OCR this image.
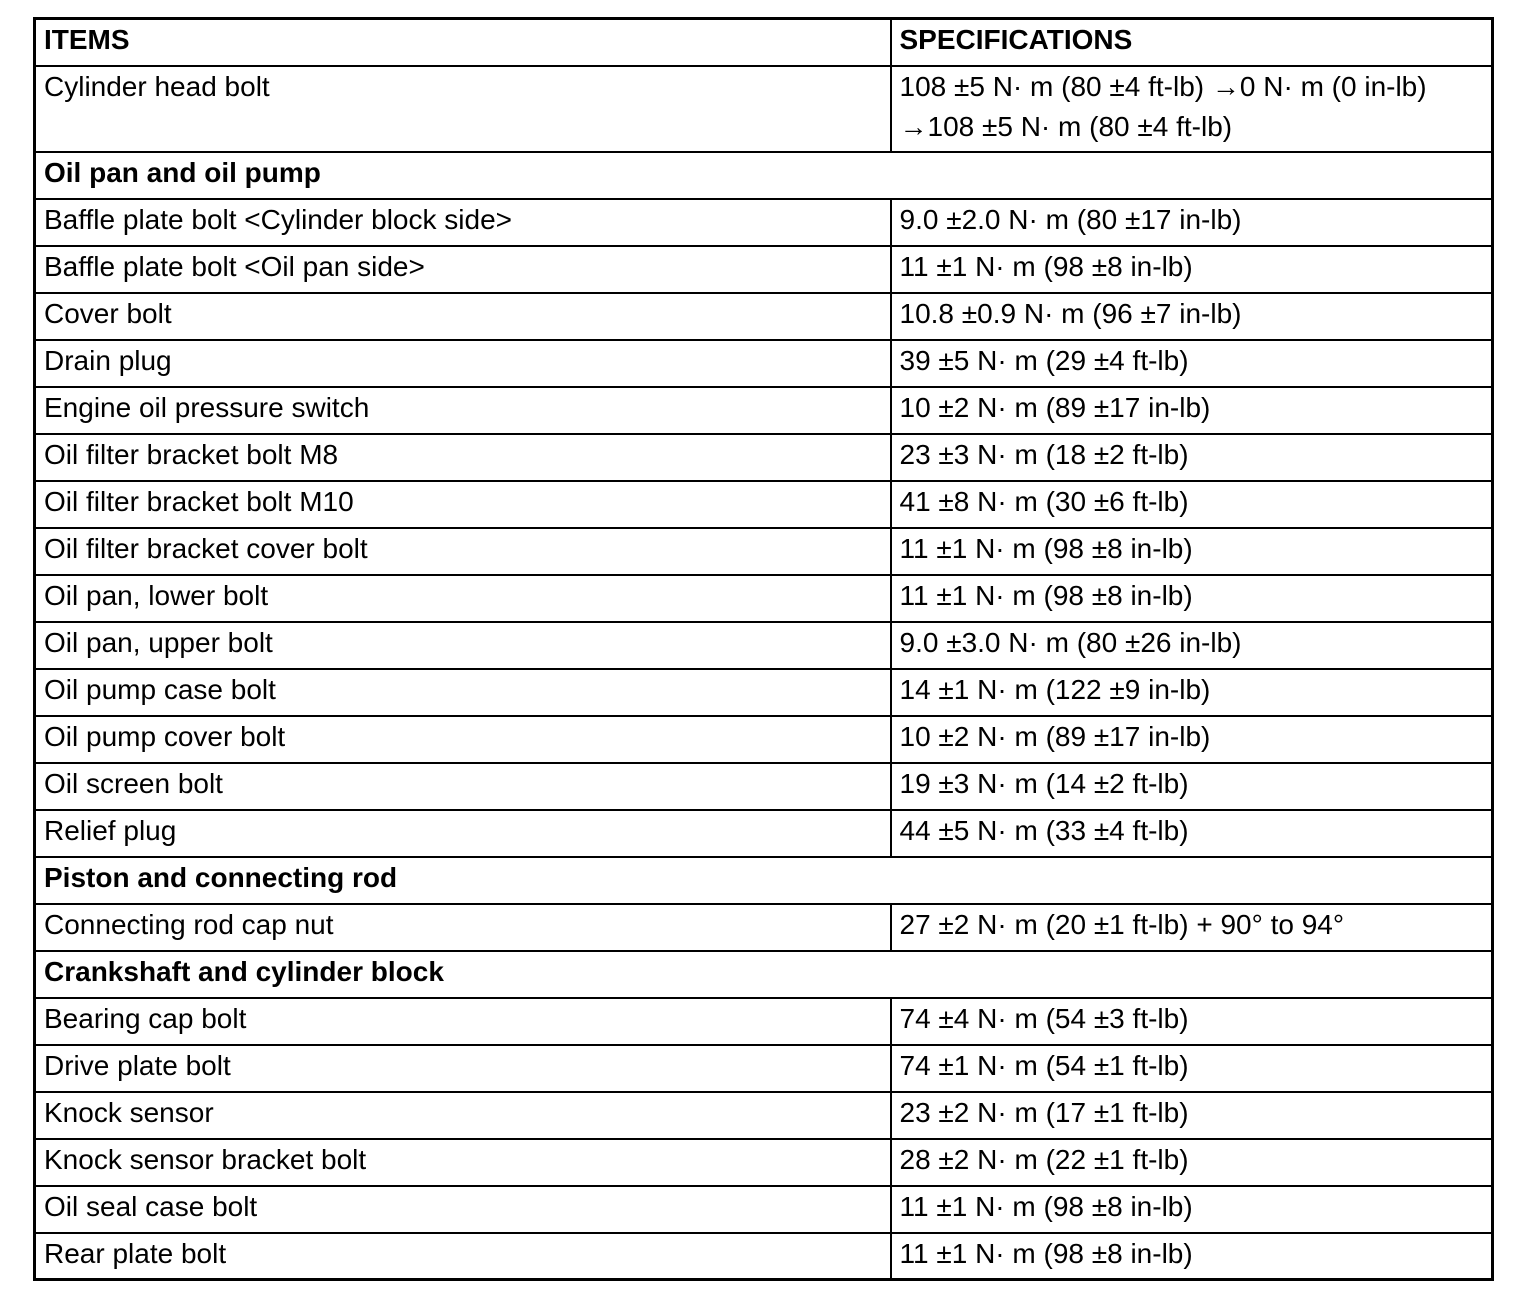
ITEMS	SPECIFICATIONS
Cylinder head bolt	108 ±5 N· m (80 ±4 ft-lb) →0 N· m (0 in-lb)
→108 ±5 N· m (80 ±4 ft-lb)

Oil pan and oil pump	
Baffle plate bolt <Cylinder block side>	9.0 ±2.0 N· m (80 ±17 in-lb)
Baffle plate bolt <Oil pan side>	11 ±1 N· m (98 ±8 in-lb)
Cover bolt	10.8 ±0.9 N· m (96 ±7 in-lb)
Drain plug	39 ±5 N· m (29 ±4 ft-lb)
Engine oil pressure switch	10 ±2 N· m (89 ±17 in-lb)
Oil filter bracket bolt M8	23 ±3 N· m (18 ±2 ft-lb)
Oil filter bracket bolt M10	41 ±8 N· m (30 ±6 ft-lb)
Oil filter bracket cover bolt	11 ±1 N· m (98 ±8 in-lb)
Oil pan, lower bolt	11 ±1 N· m (98 ±8 in-lb)
Oil pan, upper bolt	9.0 ±3.0 N· m (80 ±26 in-lb)
Oil pump case bolt	14 ±1 N· m (122 ±9 in-lb)
Oil pump cover bolt	10 ±2 N· m (89 ±17 in-lb)
Oil screen bolt	19 ±3 N· m (14 ±2 ft-lb)
Relief plug	44 ±5 N· m (33 ±4 ft-lb)
Piston and connecting rod	
Connecting rod cap nut	27 ±2 N· m (20 ±1 ft-lb) + 90° to 94°
Crankshaft and cylinder block	
Bearing cap bolt	74 ±4 N· m (54 ±3 ft-lb)
Drive plate bolt	74 ±1 N· m (54 ±1 ft-lb)
Knock sensor	23 ±2 N· m (17 ±1 ft-lb)
Knock sensor bracket bolt	28 ±2 N· m (22 ±1 ft-lb)
Oil seal case bolt	11 ±1 N· m (98 ±8 in-lb)
Rear plate bolt	11 ±1 N· m (98 ±8 in-lb)
